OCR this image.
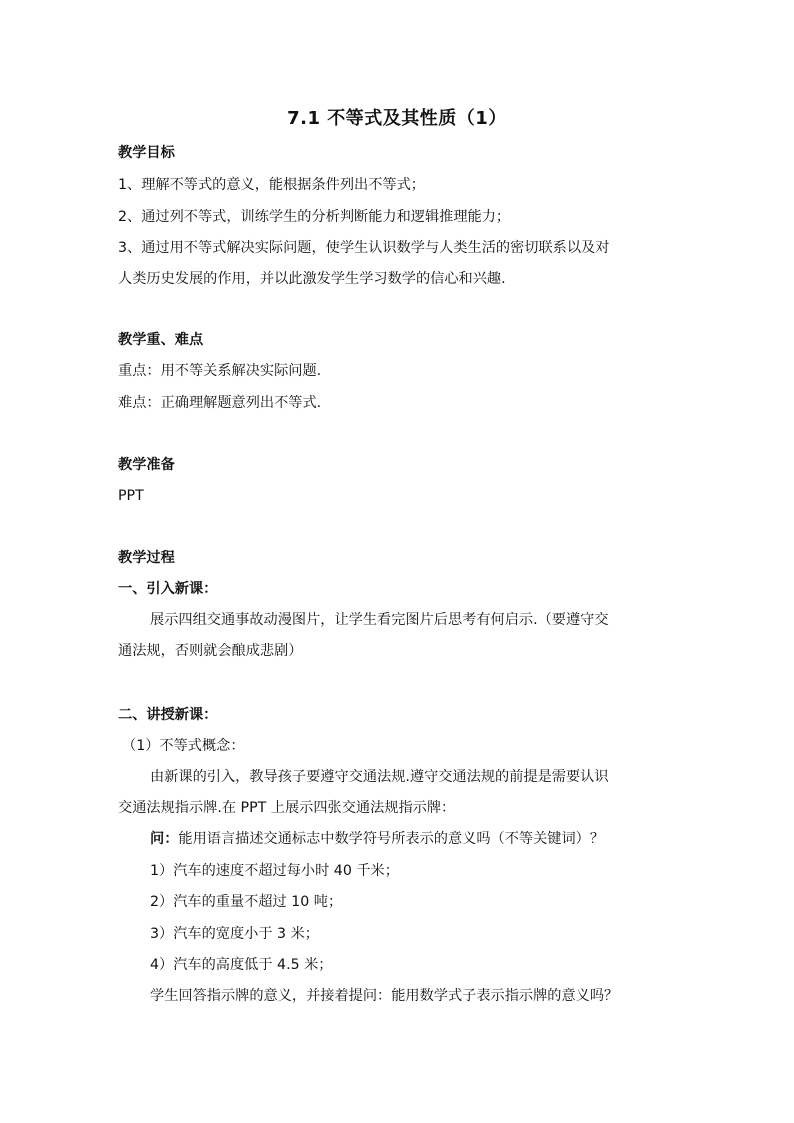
7.1 不等式及其性质（1）
教学目标
1、理解不等式的意义，能根据条件列出不等式；
2、通过列不等式，训练学生的分析判断能力和逻辑推理能力；
3、通过用不等式解决实际问题，使学生认识数学与人类生活的密切联系以及对
人类历史发展的作用，并以此激发学生学习数学的信心和兴趣.
教学重、难点
重点：用不等关系解决实际问题.
难点：正确理解题意列出不等式.
教学准备
PPT
教学过程
一、引入新课：
展示四组交通事故动漫图片，让学生看完图片后思考有何启示.（要遵守交
通法规，否则就会酿成悲剧）
二、讲授新课：
（1）不等式概念：
由新课的引入，教导孩子要遵守交通法规.遵守交通法规的前提是需要认识
交通法规指示牌.在 PPT 上展示四张交通法规指示牌：
问：能用语言描述交通标志中数学符号所表示的意义吗（不等关键词）？
1）汽车的速度不超过每小时 40 千米；
2）汽车的重量不超过 10 吨；
3）汽车的宽度小于 3 米；
4）汽车的高度低于 4.5 米；
学生回答指示牌的意义，并接着提问：能用数学式子表示指示牌的意义吗？
